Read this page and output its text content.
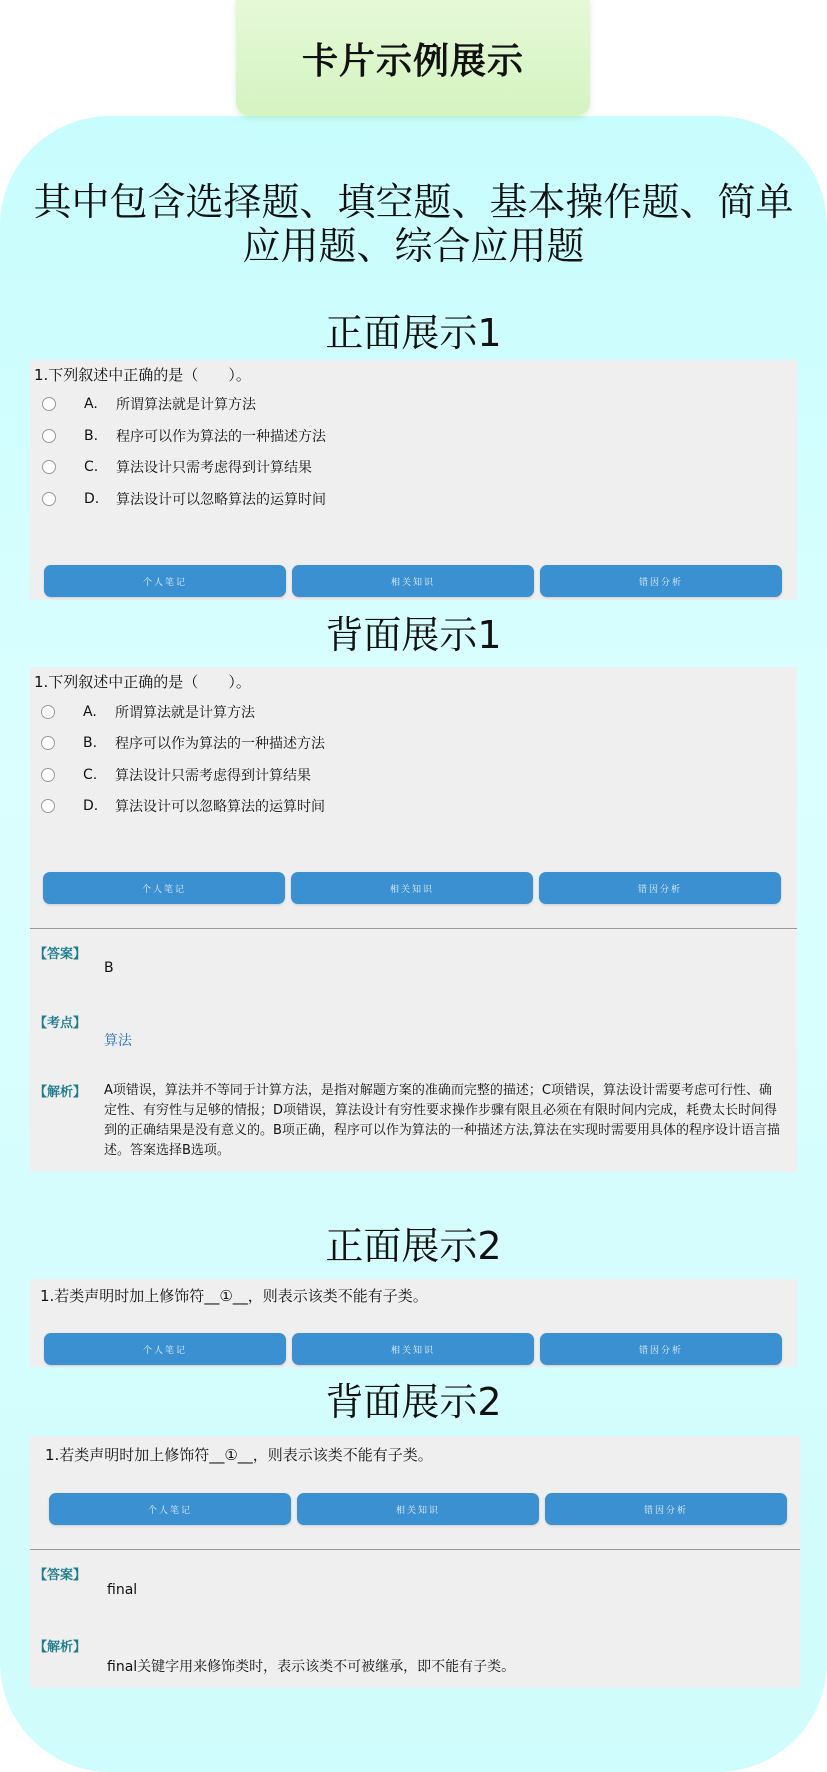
卡片示例展示
其中包含选择题、填空题、基本操作题、简单应用题、综合应用题
正面展示1
1.下列叙述中正确的是（　　）。
A.	所谓算法就是计算方法
B.	程序可以作为算法的一种描述方法
C.	算法设计只需考虑得到计算结果
D.	算法设计可以忽略算法的运算时间
个人笔记	相关知识	错因分析
背面展示1
1.下列叙述中正确的是（　　）。
A.	所谓算法就是计算方法
B.	程序可以作为算法的一种描述方法
C.	算法设计只需考虑得到计算结果
D.	算法设计可以忽略算法的运算时间
个人笔记	相关知识	错因分析
【答案】
B
【考点】
算法
【解析】 A项错误，算法并不等同于计算方法，是指对解题方案的准确而完整的描述；C项错误，算法设计需要考虑可行性、确定性、有穷性与足够的情报；D项错误，算法设计有穷性要求操作步骤有限且必须在有限时间内完成，耗费太长时间得到的正确结果是没有意义的。B项正确，程序可以作为算法的一种描述方法,算法在实现时需要用具体的程序设计语言描述。答案选择B选项。
正面展示2
1.若类声明时加上修饰符__①__，则表示该类不能有子类。
个人笔记	相关知识	错因分析
背面展示2
1.若类声明时加上修饰符__①__，则表示该类不能有子类。
个人笔记	相关知识	错因分析
【答案】
final
【解析】
final关键字用来修饰类时，表示该类不可被继承，即不能有子类。
